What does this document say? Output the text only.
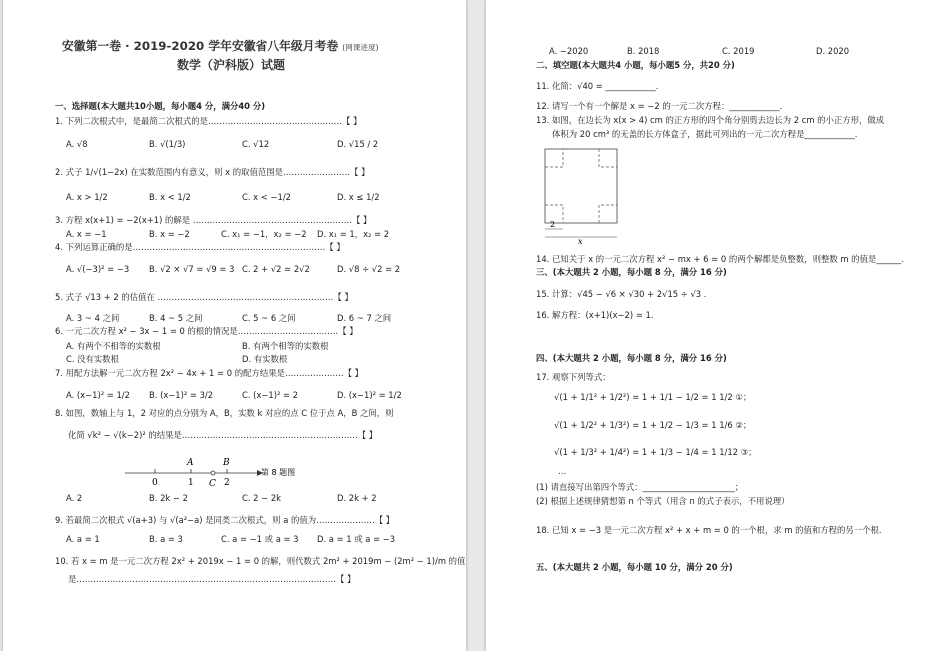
安徽第一卷 · 2019-2020 学年安徽省八年级月考卷 (网课进度)
数学（沪科版）试题
一、选择题(本大题共10小题，每小题4 分，满分40 分)
1. 下列二次根式中，是最简二次根式的是…………………………………………【 】
A. √8	B. √(1/3)	C. √12	D. √15 / 2
2. 式子 1/√(1−2x) 在实数范围内有意义，则 x 的取值范围是……………………【 】
A. x > 1/2	B. x < 1/2	C. x < −1/2	D. x ≤ 1/2
3. 方程 x(x+1) = −2(x+1) 的解是 …………………………………………………【 】
A. x = −1	B. x = −2	C. x₁ = −1，x₂ = −2 D. x₁ = 1，x₂ = 2
4. 下列运算正确的是……………………………………………………………【 】
A. √(−3)² = −3 B. √2 × √7 = √9 = 3 C. 2 + √2 = 2√2	D. √8 ÷ √2 = 2
5. 式子 √13 + 2 的估值在 ………………………………………………………【 】
A. 3 ~ 4 之间	B. 4 ~ 5 之间	C. 5 ~ 6 之间	D. 6 ~ 7 之间
6. 一元二次方程 x² − 3x − 1 = 0 的根的情况是………………………………【 】
A. 有两个不相等的实数根	B. 有两个相等的实数根
C. 没有实数根	D. 有实数根
7. 用配方法解一元二次方程 2x² − 4x + 1 = 0 的配方结果是…………………【 】
A. (x−1)² = 1/2 B. (x−1)² = 3/2	C. (x−1)² = 2	D. (x−1)² = 1/2
8. 如图，数轴上与 1，2 对应的点分别为 A，B，实数 k 对应的点 C 位于点 A，B 之间，则
化简 √k² − √(k−2)² 的结果是………………………………………………………【 】
A	B
0	1 C 2
第 8 题图
A. 2	B. 2k − 2	C. 2 − 2k	D. 2k + 2
9. 若最简二次根式 √(a+3) 与 √(a²−a) 是同类二次根式，则 a 的值为…………………【 】
A. a = 1	B. a = 3	C. a = −1 或 a = 3 D. a = 1 或 a = −3
10. 若 x = m 是一元二次方程 2x² + 2019x − 1 = 0 的解，则代数式 2m² + 2019m − (2m² − 1)/m 的值
是…………………………………………………………………………………【 】
A. −2020	B. 2018	C. 2019	D. 2020
二、填空题(本大题共4 小题，每小题5 分，共20 分)
11. 化简：√40 = ____________.
12. 请写一个有一个解是 x = −2 的一元二次方程：____________.
13. 如图，在边长为 x(x > 4) cm 的正方形的四个角分别剪去边长为 2 cm 的小正方形，做成
体积为 20 cm³ 的无盖的长方体盒子，据此可列出的一元二次方程是____________.
2
x
14. 已知关于 x 的一元二次方程 x² − mx + 6 = 0 的两个解都是负整数，则整数 m 的值是______.
三、(本大题共 2 小题，每小题 8 分，满分 16 分)
15. 计算：√45 − √6 × √30 + 2√15 ÷ √3 .
16. 解方程：(x+1)(x−2) = 1.
四、(本大题共 2 小题，每小题 8 分，满分 16 分)
17. 观察下列等式：
√(1 + 1/1² + 1/2²) = 1 + 1/1 − 1/2 = 1 1/2 ①；
√(1 + 1/2² + 1/3²) = 1 + 1/2 − 1/3 = 1 1/6 ②；
√(1 + 1/3² + 1/4²) = 1 + 1/3 − 1/4 = 1 1/12 ③；
…
(1) 请直接写出第四个等式：______________________；
(2) 根据上述规律猜想第 n 个等式（用含 n 的式子表示，不用说理）
18. 已知 x = −3 是一元二次方程 x² + x + m = 0 的一个根，求 m 的值和方程的另一个根.
五、(本大题共 2 小题，每小题 10 分，满分 20 分)
